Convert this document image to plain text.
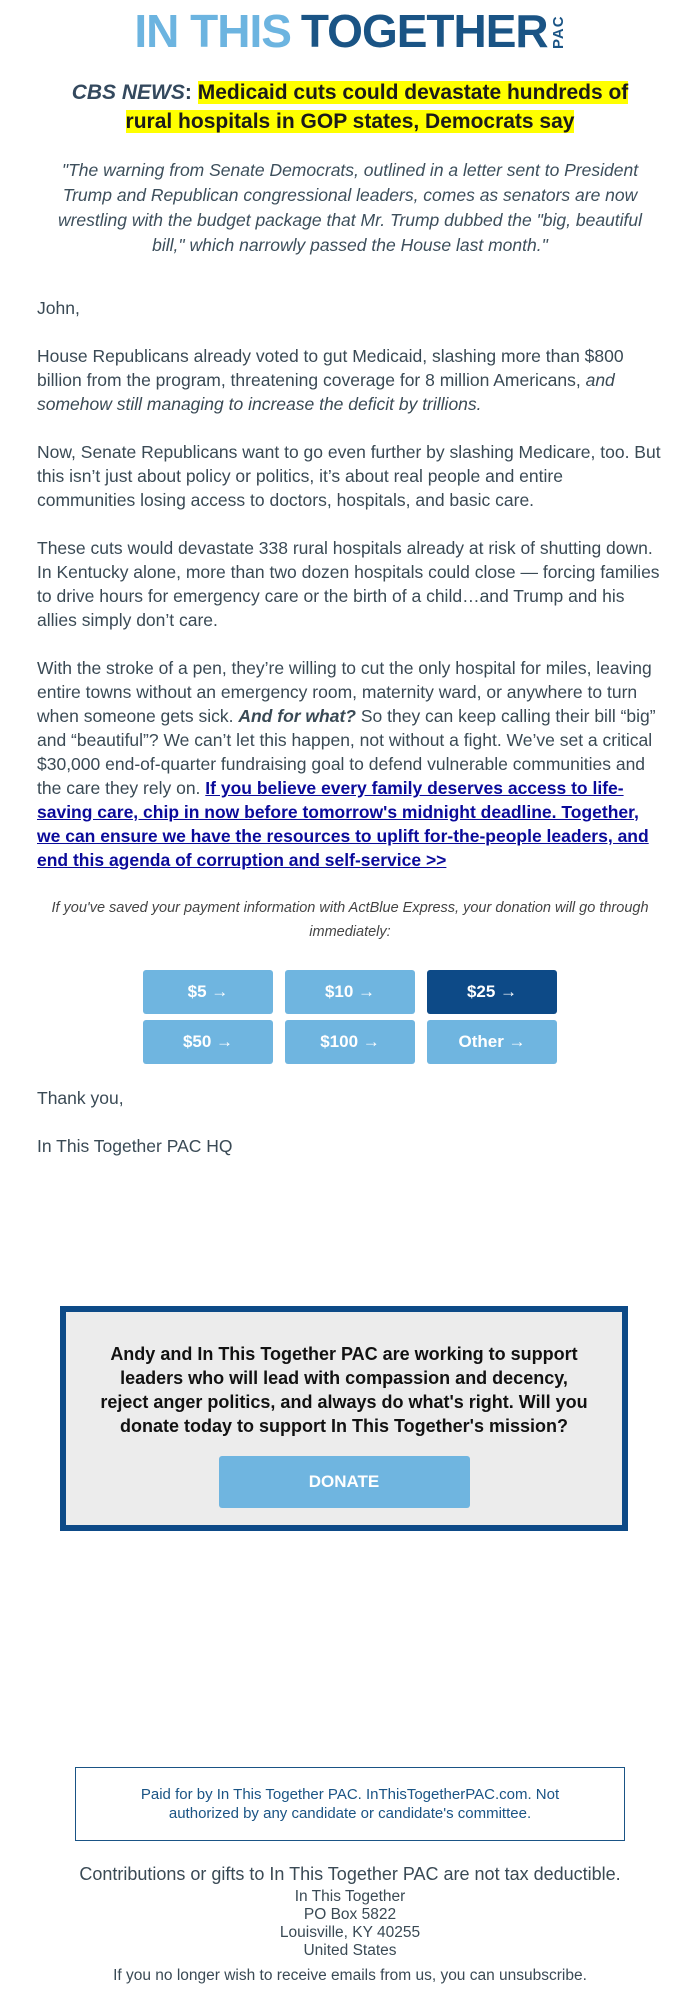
IN THIS TOGETHER PAC
CBS NEWS: Medicaid cuts could devastate hundreds of rural hospitals in GOP states, Democrats say
"The warning from Senate Democrats, outlined in a letter sent to President Trump and Republican congressional leaders, comes as senators are now wrestling with the budget package that Mr. Trump dubbed the "big, beautiful bill," which narrowly passed the House last month."

John,

House Republicans already voted to gut Medicaid, slashing more than $800 billion from the program, threatening coverage for 8 million Americans, and somehow still managing to increase the deficit by trillions.

Now, Senate Republicans want to go even further by slashing Medicare, too. But this isn’t just about policy or politics, it’s about real people and entire communities losing access to doctors, hospitals, and basic care.

These cuts would devastate 338 rural hospitals already at risk of shutting down. In Kentucky alone, more than two dozen hospitals could close — forcing families to drive hours for emergency care or the birth of a child…and Trump and his allies simply don’t care.

With the stroke of a pen, they’re willing to cut the only hospital for miles, leaving entire towns without an emergency room, maternity ward, or anywhere to turn when someone gets sick. And for what? So they can keep calling their bill “big” and “beautiful”? We can’t let this happen, not without a fight. We’ve set a critical $30,000 end-of-quarter fundraising goal to defend vulnerable communities and the care they rely on. If you believe every family deserves access to life-saving care, chip in now before tomorrow's midnight deadline. Together, we can ensure we have the resources to uplift for-the-people leaders, and end this agenda of corruption and self-service >>

If you've saved your payment information with ActBlue Express, your donation will go through immediately:
$5 →	$10 →	$25 →
$50 →	$100 →	Other →

Thank you,

In This Together PAC HQ

Andy and In This Together PAC are working to support leaders who will lead with compassion and decency, reject anger politics, and always do what's right. Will you donate today to support In This Together's mission?
DONATE
Paid for by In This Together PAC. InThisTogetherPAC.com. Not authorized by any candidate or candidate's committee.
Contributions or gifts to In This Together PAC are not tax deductible.
In This Together
PO Box 5822
Louisville, KY 40255
United States
If you no longer wish to receive emails from us, you can unsubscribe.
